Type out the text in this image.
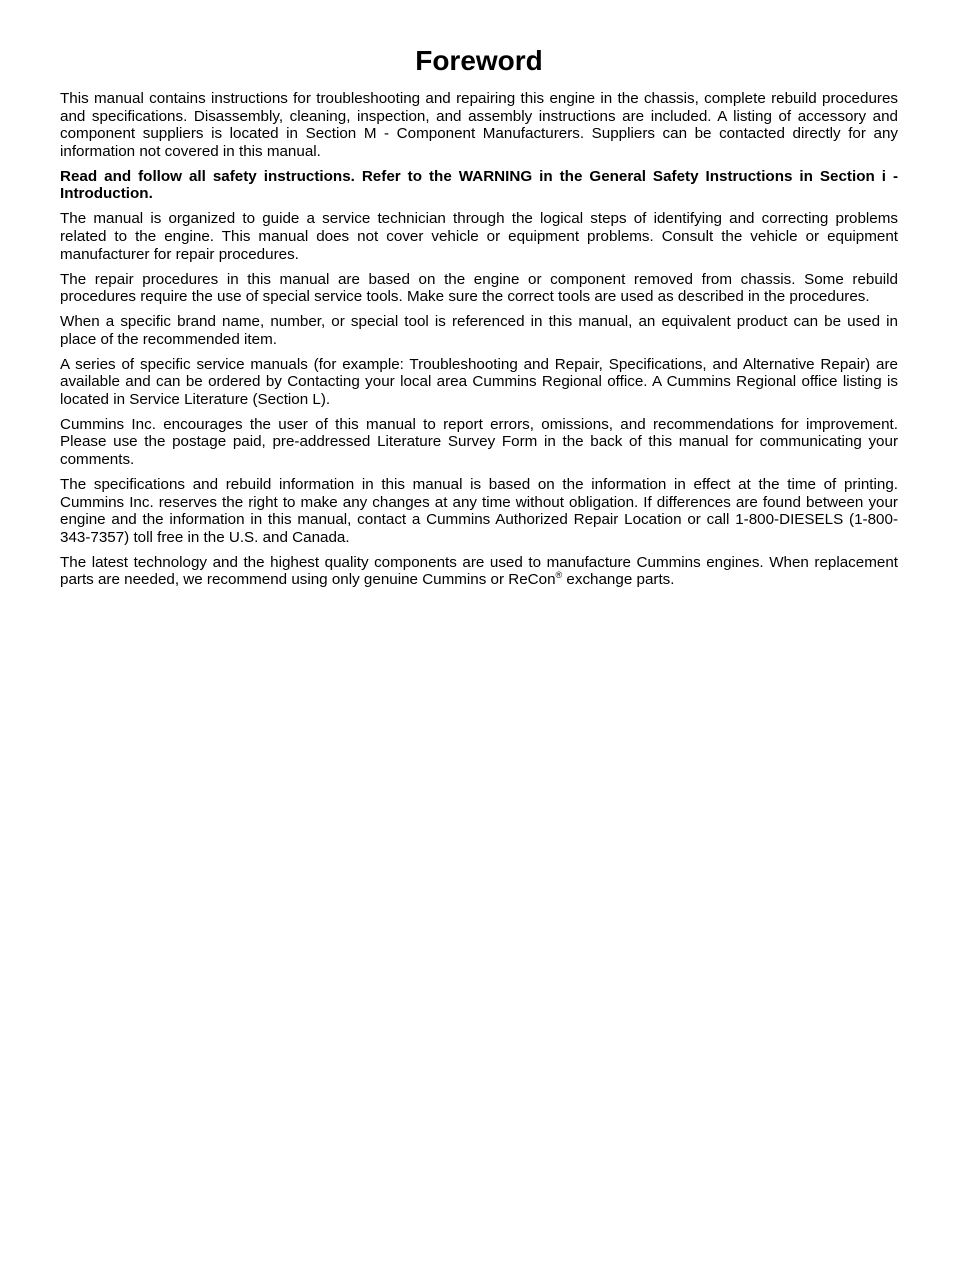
Foreword

This manual contains instructions for troubleshooting and repairing this engine in the chassis, complete rebuild procedures and specifications. Disassembly, cleaning, inspection, and assembly instructions are included. A listing of accessory and component suppliers is located in Section M - Component Manufacturers. Suppliers can be contacted directly for any information not covered in this manual.

Read and follow all safety instructions. Refer to the WARNING in the General Safety Instructions in Section i - Introduction.

The manual is organized to guide a service technician through the logical steps of identifying and correcting problems related to the engine. This manual does not cover vehicle or equipment problems. Consult the vehicle or equipment manufacturer for repair procedures.

The repair procedures in this manual are based on the engine or component removed from chassis. Some rebuild procedures require the use of special service tools. Make sure the correct tools are used as described in the procedures.

When a specific brand name, number, or special tool is referenced in this manual, an equivalent product can be used in place of the recommended item.

A series of specific service manuals (for example: Troubleshooting and Repair, Specifications, and Alternative Repair) are available and can be ordered by Contacting your local area Cummins Regional office. A Cummins Regional office listing is located in Service Literature (Section L).

Cummins Inc. encourages the user of this manual to report errors, omissions, and recommendations for improvement. Please use the postage paid, pre-addressed Literature Survey Form in the back of this manual for communicating your comments.

The specifications and rebuild information in this manual is based on the information in effect at the time of printing. Cummins Inc. reserves the right to make any changes at any time without obligation. If differences are found between your engine and the information in this manual, contact a Cummins Authorized Repair Location or call 1-800-DIESELS (1-800-343-7357) toll free in the U.S. and Canada.

The latest technology and the highest quality components are used to manufacture Cummins engines. When replacement parts are needed, we recommend using only genuine Cummins or ReCon® exchange parts.
